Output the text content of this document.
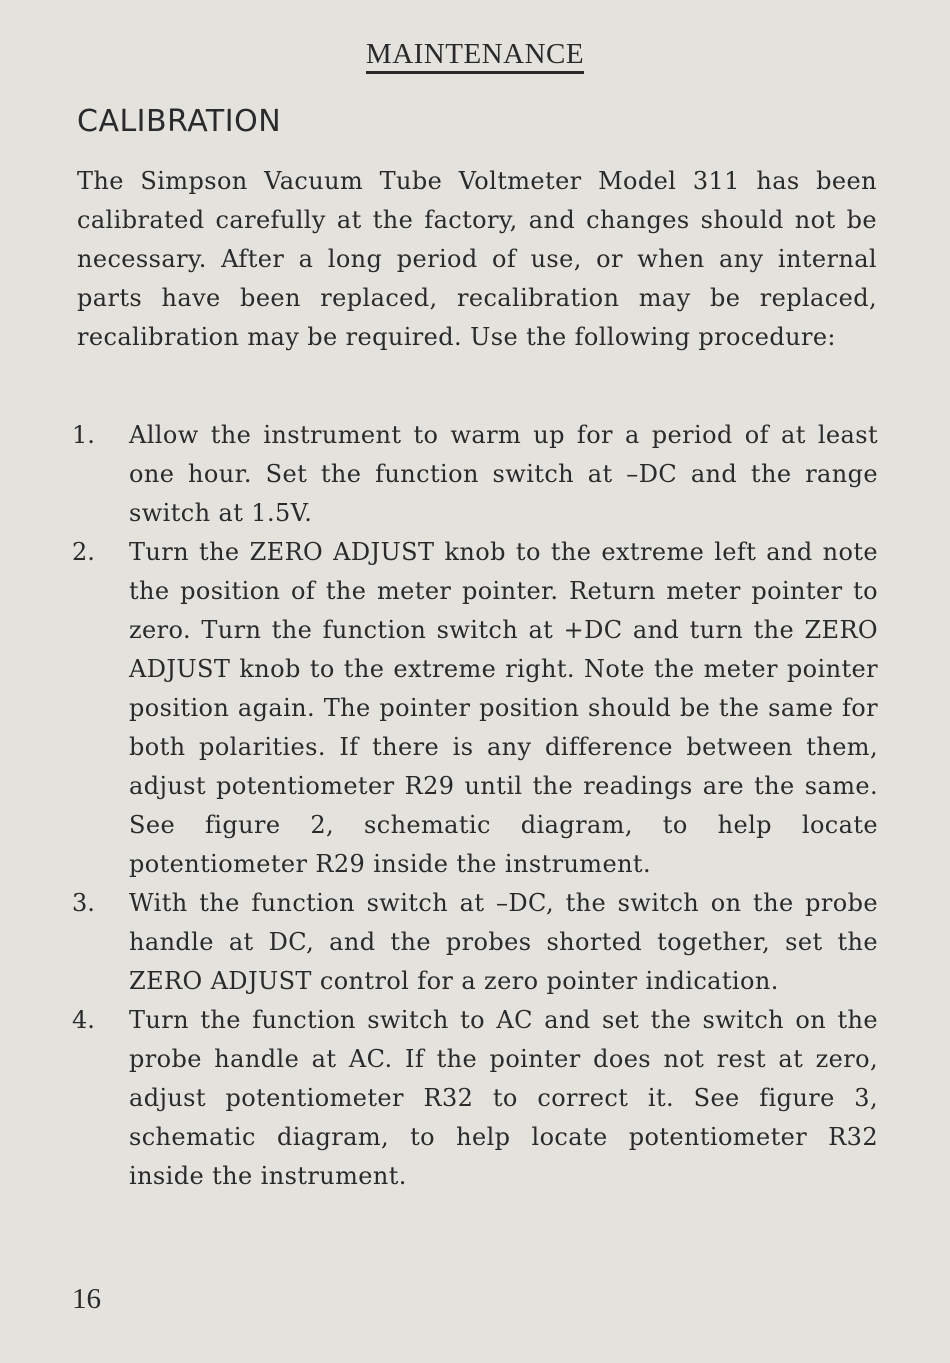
MAINTENANCE
CALIBRATION

The Simpson Vacuum Tube Voltmeter Model 311 has been calibrated carefully at the factory, and changes should not be necessary. After a long period of use, or when any internal parts have been replaced, recalibration may be replaced, recalibration may be required. Use the following procedure:

1.	Allow the instrument to warm up for a period of at least one hour. Set the function switch at –DC and the range switch at 1.5V.
2.	Turn the ZERO ADJUST knob to the extreme left and note the position of the meter pointer. Return meter pointer to zero. Turn the function switch at +DC and turn the ZERO ADJUST knob to the extreme right. Note the meter pointer position again. The pointer position should be the same for both polarities. If there is any difference between them, adjust potentiometer R29 until the readings are the same. See figure 2, schematic diagram, to help locate potentiometer R29 inside the instrument.
3.	With the function switch at –DC, the switch on the probe handle at DC, and the probes shorted together, set the ZERO ADJUST control for a zero pointer indication.
4.	Turn the function switch to AC and set the switch on the probe handle at AC. If the pointer does not rest at zero, adjust potentiometer R32 to correct it. See figure 3, schematic diagram, to help locate potentiometer R32 inside the instrument.
16
